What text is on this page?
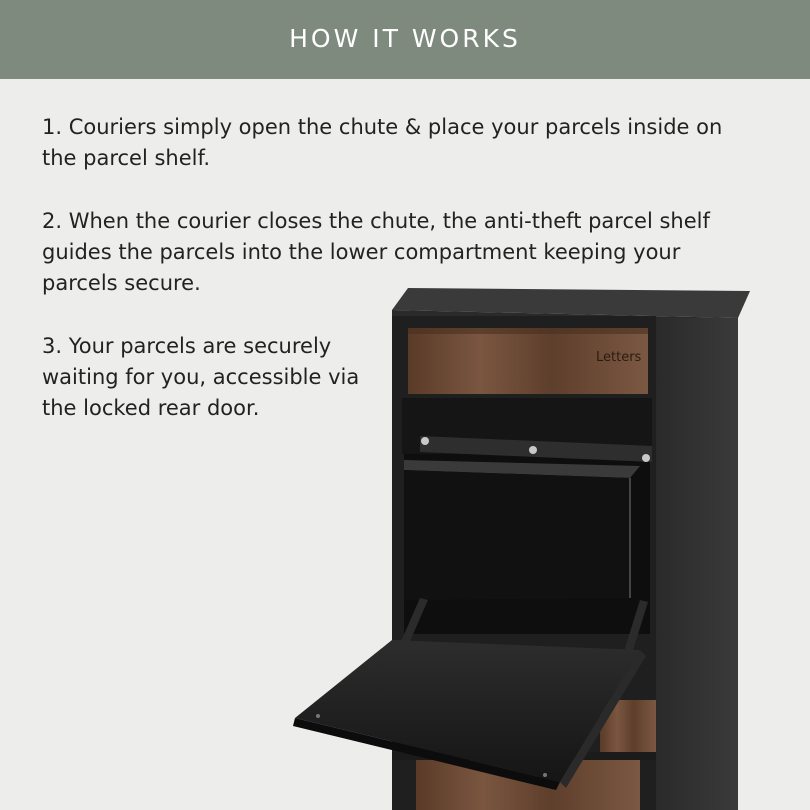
HOW IT WORKS

1. Couriers simply open the chute & place your parcels inside on the parcel shelf.

2. When the courier closes the chute, the anti-theft parcel shelf guides the parcels into the lower compartment keeping your parcels secure.

3. Your parcels are securely waiting for you, accessible via the locked rear door.

Letters
